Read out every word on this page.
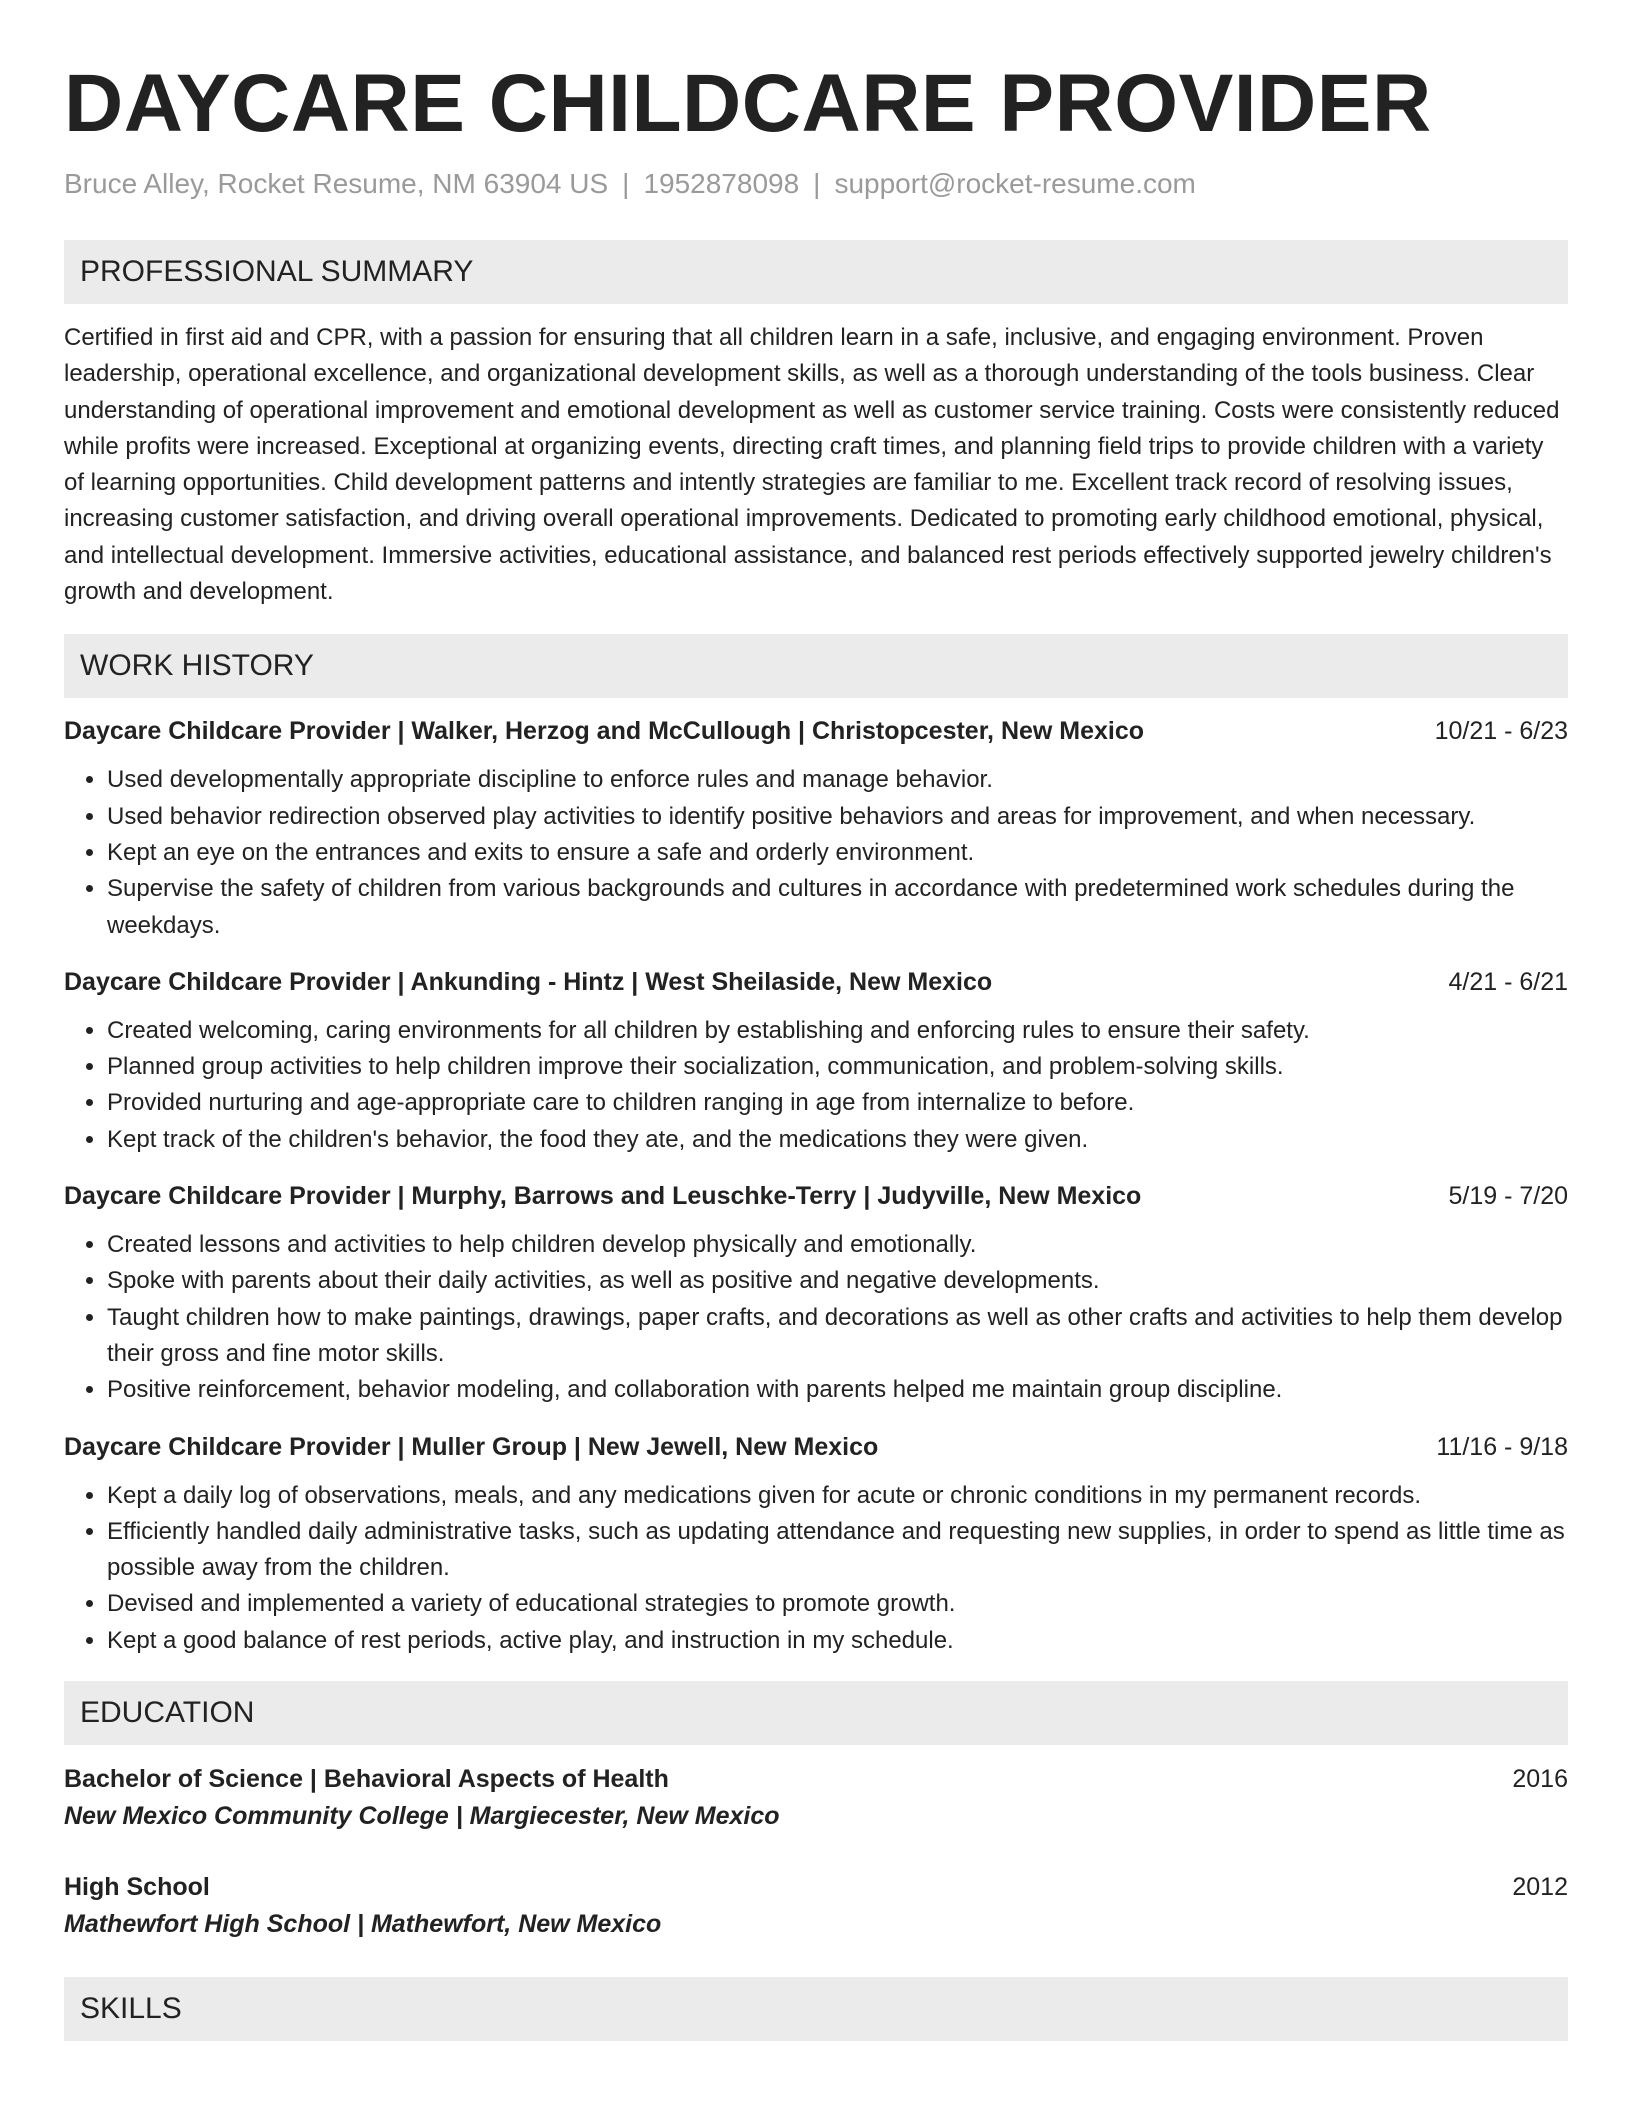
DAYCARE CHILDCARE PROVIDER
Bruce Alley, Rocket Resume, NM 63904 US | 1952878098 | support@rocket-resume.com
PROFESSIONAL SUMMARY
Certified in first aid and CPR, with a passion for ensuring that all children learn in a safe, inclusive, and engaging environment. Proven leadership, operational excellence, and organizational development skills, as well as a thorough understanding of the tools business. Clear understanding of operational improvement and emotional development as well as customer service training. Costs were consistently reduced while profits were increased. Exceptional at organizing events, directing craft times, and planning field trips to provide children with a variety of learning opportunities. Child development patterns and intently strategies are familiar to me. Excellent track record of resolving issues, increasing customer satisfaction, and driving overall operational improvements. Dedicated to promoting early childhood emotional, physical, and intellectual development. Immersive activities, educational assistance, and balanced rest periods effectively supported jewelry children's growth and development.
WORK HISTORY
Daycare Childcare Provider | Walker, Herzog and McCullough | Christopcester, New Mexico	10/21 - 6/23
• Used developmentally appropriate discipline to enforce rules and manage behavior.
• Used behavior redirection observed play activities to identify positive behaviors and areas for improvement, and when necessary.
• Kept an eye on the entrances and exits to ensure a safe and orderly environment.
• Supervise the safety of children from various backgrounds and cultures in accordance with predetermined work schedules during the weekdays.
Daycare Childcare Provider | Ankunding - Hintz | West Sheilaside, New Mexico	4/21 - 6/21
• Created welcoming, caring environments for all children by establishing and enforcing rules to ensure their safety.
• Planned group activities to help children improve their socialization, communication, and problem-solving skills.
• Provided nurturing and age-appropriate care to children ranging in age from internalize to before.
• Kept track of the children's behavior, the food they ate, and the medications they were given.
Daycare Childcare Provider | Murphy, Barrows and Leuschke-Terry | Judyville, New Mexico	5/19 - 7/20
• Created lessons and activities to help children develop physically and emotionally.
• Spoke with parents about their daily activities, as well as positive and negative developments.
• Taught children how to make paintings, drawings, paper crafts, and decorations as well as other crafts and activities to help them develop their gross and fine motor skills.
• Positive reinforcement, behavior modeling, and collaboration with parents helped me maintain group discipline.
Daycare Childcare Provider | Muller Group | New Jewell, New Mexico	11/16 - 9/18
• Kept a daily log of observations, meals, and any medications given for acute or chronic conditions in my permanent records.
• Efficiently handled daily administrative tasks, such as updating attendance and requesting new supplies, in order to spend as little time as possible away from the children.
• Devised and implemented a variety of educational strategies to promote growth.
• Kept a good balance of rest periods, active play, and instruction in my schedule.
EDUCATION
Bachelor of Science | Behavioral Aspects of Health	2016
New Mexico Community College | Margiecester, New Mexico
High School	2012
Mathewfort High School | Mathewfort, New Mexico
SKILLS
